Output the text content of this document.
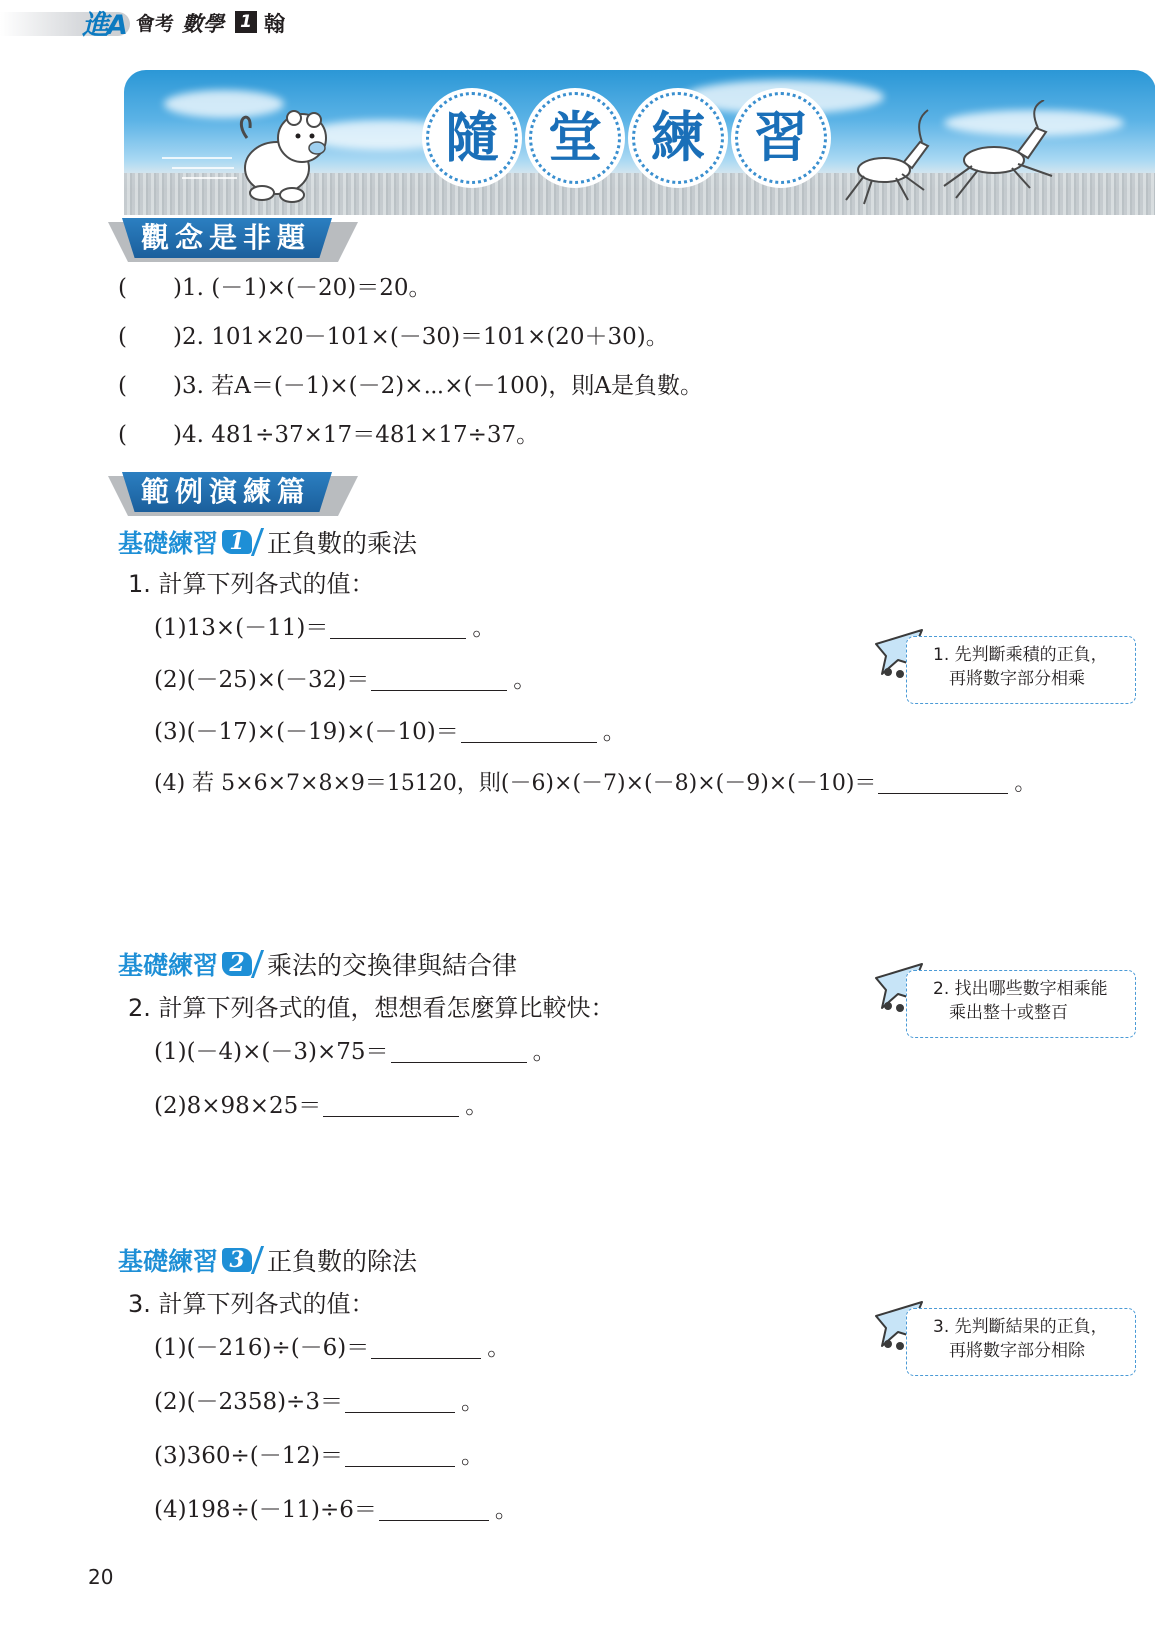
進A 會考 數學 1 翰
隨 堂 練 習
觀念是非題
(　　)1. (－1)×(－20)＝20。
(　　)2. 101×20－101×(－30)＝101×(20＋30)。
(　　)3. 若A＝(－1)×(－2)×⋯×(－100)，則A是負數。
(　　)4. 481÷37×17＝481×17÷37。
範例演練篇
基礎練習 1 正負數的乘法
1. 計算下列各式的值：
(1)13×(－11)＝	。
(2)(－25)×(－32)＝	。
(3)(－17)×(－19)×(－10)＝	。
(4) 若 5×6×7×8×9＝15120，則(－6)×(－7)×(－8)×(－9)×(－10)＝	。
1. 先判斷乘積的正負，
再將數字部分相乘
基礎練習 2 乘法的交換律與結合律
2. 計算下列各式的值，想想看怎麼算比較快：
(1)(－4)×(－3)×75＝	。
(2)8×98×25＝	。
2. 找出哪些數字相乘能
乘出整十或整百
基礎練習 3 正負數的除法
3. 計算下列各式的值：
(1)(－216)÷(－6)＝	。
(2)(－2358)÷3＝	。
(3)360÷(－12)＝	。
(4)198÷(－11)÷6＝	。
3. 先判斷結果的正負，
再將數字部分相除
20
